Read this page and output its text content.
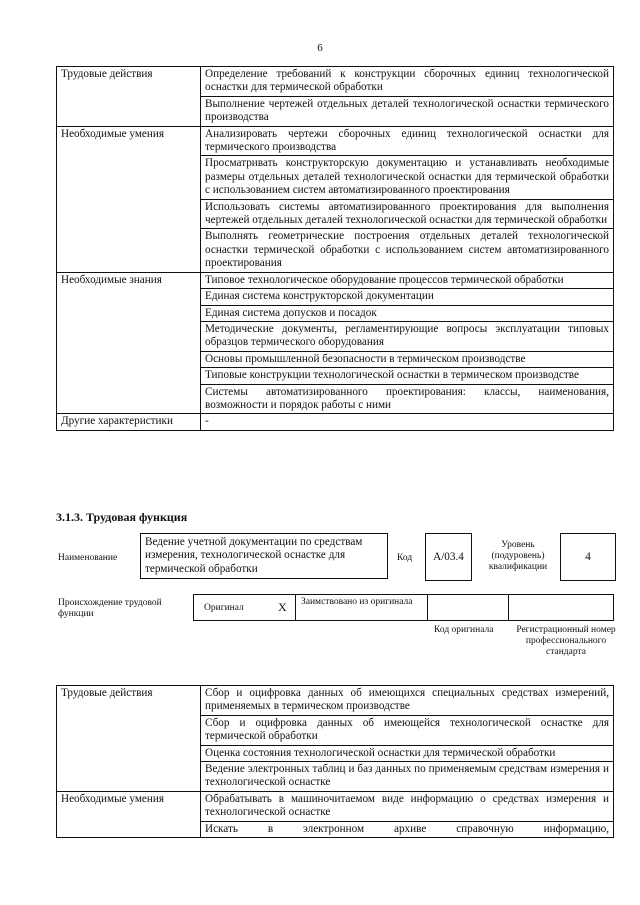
6
Трудовые действия	Определение требований к конструкции сборочных единиц технологической оснастки для термической обработки
	Выполнение чертежей отдельных деталей технологической оснастки термического производства
Необходимые умения	Анализировать чертежи сборочных единиц технологической оснастки для термического производства
	Просматривать конструкторскую документацию и устанавливать необходимые размеры отдельных деталей технологической оснастки для термической обработки с использованием систем автоматизированного проектирования
	Использовать системы автоматизированного проектирования для выполнения чертежей отдельных деталей технологической оснастки для термической обработки
	Выполнять геометрические построения отдельных деталей технологической оснастки термической обработки с использованием систем автоматизированного проектирования
Необходимые знания	Типовое технологическое оборудование процессов термической обработки
	Единая система конструкторской документации
	Единая система допусков и посадок
	Методические документы, регламентирующие вопросы эксплуатации типовых образцов термического оборудования
	Основы промышленной безопасности в термическом производстве
	Типовые конструкции технологической оснастки в термическом производстве
	Системы автоматизированного проектирования: классы, наименования, возможности и порядок работы с ними
Другие характеристики	-
3.1.3. Трудовая функция
Наименование
Ведение учетной документации по средствам измерения, технологической оснастке для термической обработки
Код	A/03.4
Уровень (подуровень) квалификации
4
Происхождение трудовой функции
Оригинал	X Заимствовано из оригинала
Код оригинала Регистрационный номер профессионального стандарта
Трудовые действия	Сбор и оцифровка данных об имеющихся специальных средствах измерений, применяемых в термическом производстве
	Сбор и оцифровка данных об имеющейся технологической оснастке для термической обработки
	Оценка состояния технологической оснастки для термической обработки
	Ведение электронных таблиц и баз данных по применяемым средствам измерения и технологической оснастке
Необходимые умения	Обрабатывать в машиночитаемом виде информацию о средствах измерения и технологической оснастке
	Искать в электронном архиве справочную информацию,
